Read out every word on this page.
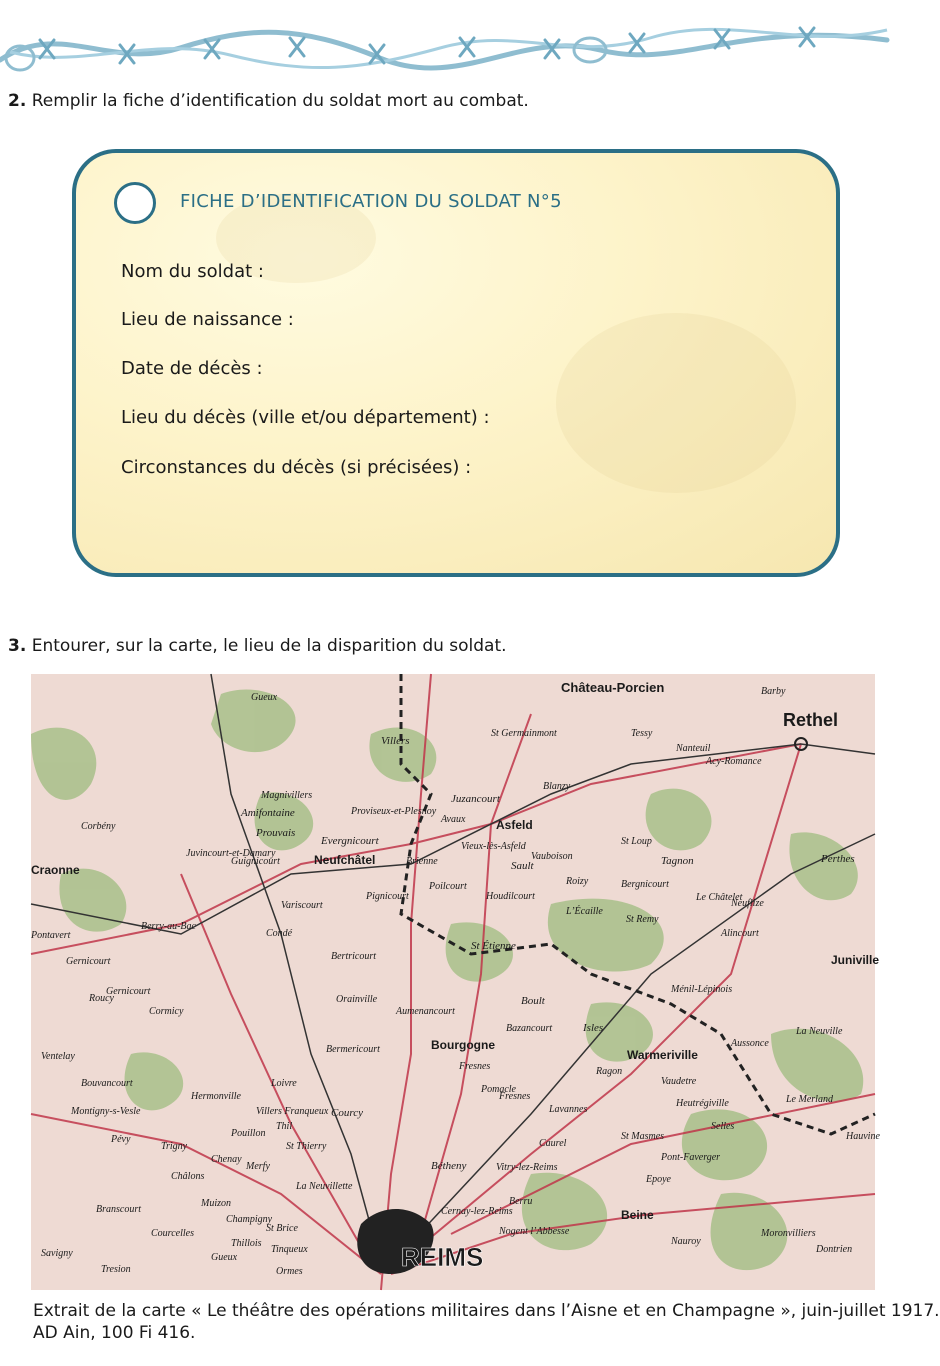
2. Remplir la fiche d’identification du soldat mort au combat.
FICHE D’IDENTIFICATION DU SOLDAT N°5
Nom du soldat :
Lieu de naissance :
Date de décès :
Lieu du décès (ville et/ou département) :
Circonstances du décès (si précisées) :
3. Entourer, sur la carte, le lieu de la disparition du soldat.
Château-Porcien
Rethel
Asfeld
Neufchâtel
Craonne
Bourgogne
REIMS
Warmeriville
Juniville
Pontavert
Berry-au-Bac
Cormicy
Courcy
Bétheny
Beine
Amifontaine
Juzancourt
Sault
St Étienne
Isles
Perthes
Tagnon
Gernicourt
Evergnicourt
Prouvais
Fresnes
Pomacle
Lavannes
Caurel
Nogent l’Abbesse
Cernay-lez-Reims
Berru
Loivre
Villers Franqueux
St Thierry
Merfy
Hermonville
Bazancourt
Boult
Heutrégiville
Selles
Pont-Faverger
Epoye
Nauroy
Moronvilliers
Dontrien
Vitry-lez-Reims
St Masmes
Aussonce
Ménil-Lépinois
Alincourt
Neuflize
Bergnicourt
Roizy
La Neuville
Pignicourt
Guignicourt
Corbény
Juvincourt-et-Damary
Proviseux-et-Plesnoy
Magnivillers
Villers
Blanzy
Barby
St Germainmont
Vieux-lès-Asfeld
Brienne
Avaux
Poilcourt
Houdilcourt
Vauboison
St Loup
L’Écaille
St Remy
Le Châtelet
Acy-Romance
Nanteuil
Tessy
Bouvancourt
Ventelay
Roucy
Gernicourt
Pévy
Trigny
Châlons
Chenay
Pouillon
Thil
Champigny
Thillois
Gueux
Courcelles
Branscourt
Savigny
Tresion
Muizon
Ormes
Tinqueux
St Brice
Montigny-s-Vesle
La Neuvillette
Bermericourt
Orainville
Aumenancourt
Bertricourt
Variscourt
Condé
Gueux
Fresnes
Ragon
Vaudetre
Le Merland
Hauvine
Extrait de la carte « Le théâtre des opérations militaires dans l’Aisne et en Champagne », juin-juillet 1917.
AD Ain, 100 Fi 416.
